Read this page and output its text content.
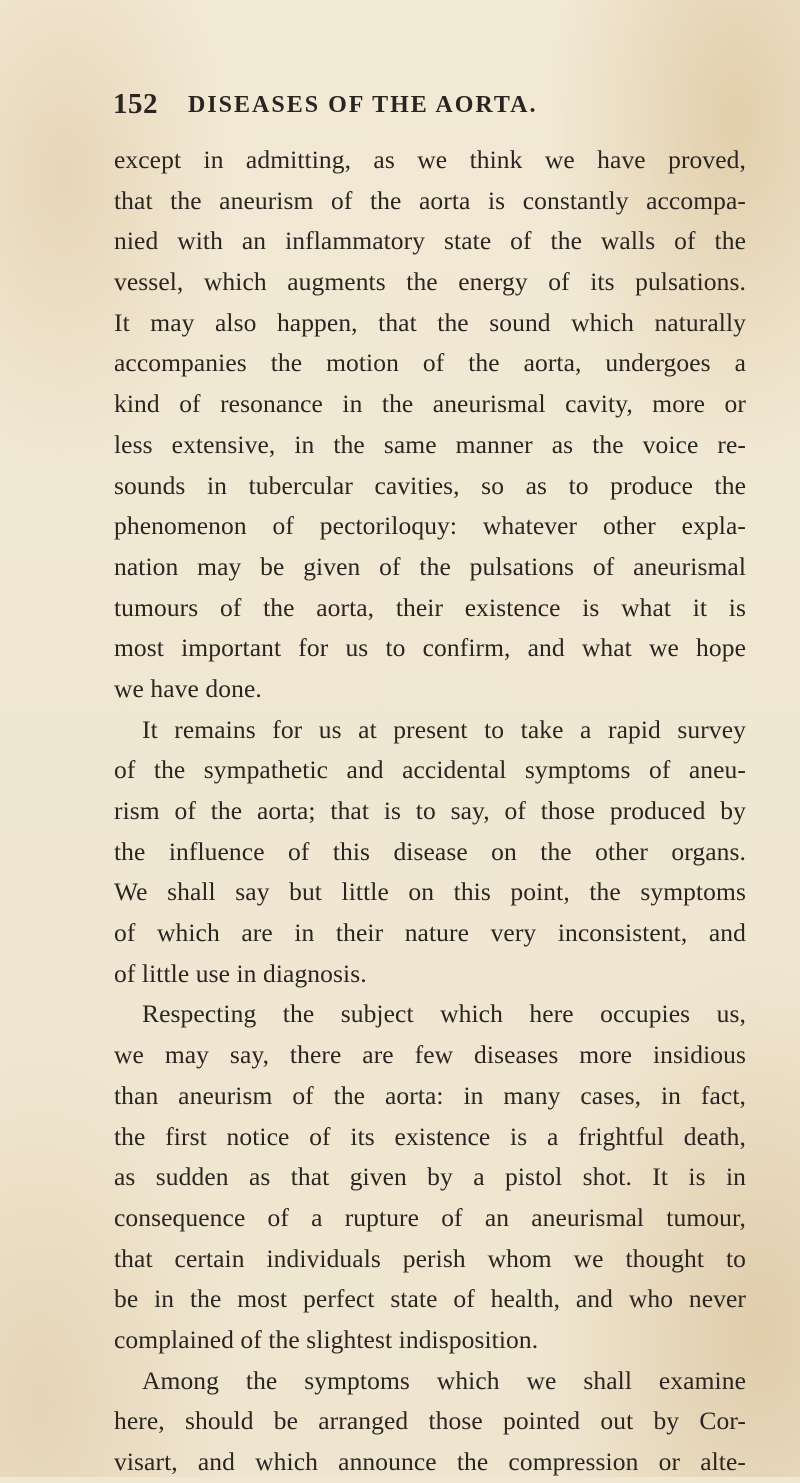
152 DISEASES OF THE AORTA.
except in admitting, as we think we have proved,
that the aneurism of the aorta is constantly accompa-
nied with an inflammatory state of the walls of the
vessel, which augments the energy of its pulsations.
It may also happen, that the sound which naturally
accompanies the motion of the aorta, undergoes a
kind of resonance in the aneurismal cavity, more or
less extensive, in the same manner as the voice re-
sounds in tubercular cavities, so as to produce the
phenomenon of pectoriloquy: whatever other expla-
nation may be given of the pulsations of aneurismal
tumours of the aorta, their existence is what it is
most important for us to confirm, and what we hope
we have done.
It remains for us at present to take a rapid survey
of the sympathetic and accidental symptoms of aneu-
rism of the aorta; that is to say, of those produced by
the influence of this disease on the other organs.
We shall say but little on this point, the symptoms
of which are in their nature very inconsistent, and
of little use in diagnosis.
Respecting the subject which here occupies us,
we may say, there are few diseases more insidious
than aneurism of the aorta: in many cases, in fact,
the first notice of its existence is a frightful death,
as sudden as that given by a pistol shot. It is in
consequence of a rupture of an aneurismal tumour,
that certain individuals perish whom we thought to
be in the most perfect state of health, and who never
complained of the slightest indisposition.
Among the symptoms which we shall examine
here, should be arranged those pointed out by Cor-
visart, and which announce the compression or alte-
